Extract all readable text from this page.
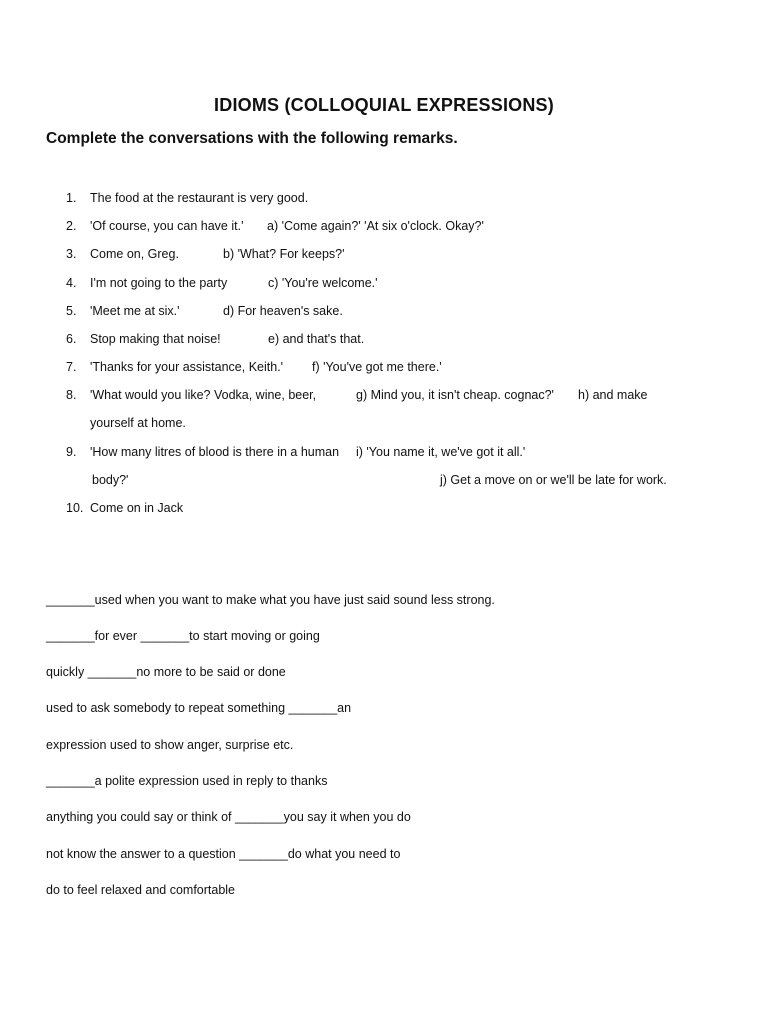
IDIOMS (COLLOQUIAL EXPRESSIONS)
Complete the conversations with the following remarks.
1.
2.
3.
4.
5.
6.
7.
8.
9.
10.
The food at the restaurant is very good.
'Of course, you can have it.'
Come on, Greg.
I'm not going to the party
'Meet me at six.'
Stop making that noise!
'Thanks for your assistance, Keith.'
'What would you like? Vodka, wine, beer,
yourself at home.
'How many litres of blood is there in a human
body?'
Come on in Jack
a) 'Come again?' 'At six o'clock. Okay?'
b) 'What? For keeps?'
c) 'You're welcome.'
d) For heaven's sake.
e) and that's that.
f) 'You've got me there.'
g) Mind you, it isn't cheap. cognac?' h) and make
i) 'You name it, we've got it all.'
j) Get a move on or we'll be late for work.
_______used when you want to make what you have just said sound less strong.
_______for ever _______to start moving or going
quickly _______no more to be said or done
used to ask somebody to repeat something _______an
expression used to show anger, surprise etc.
_______a polite expression used in reply to thanks
anything you could say or think of _______you say it when you do
not know the answer to a question _______do what you need to
do to feel relaxed and comfortable
